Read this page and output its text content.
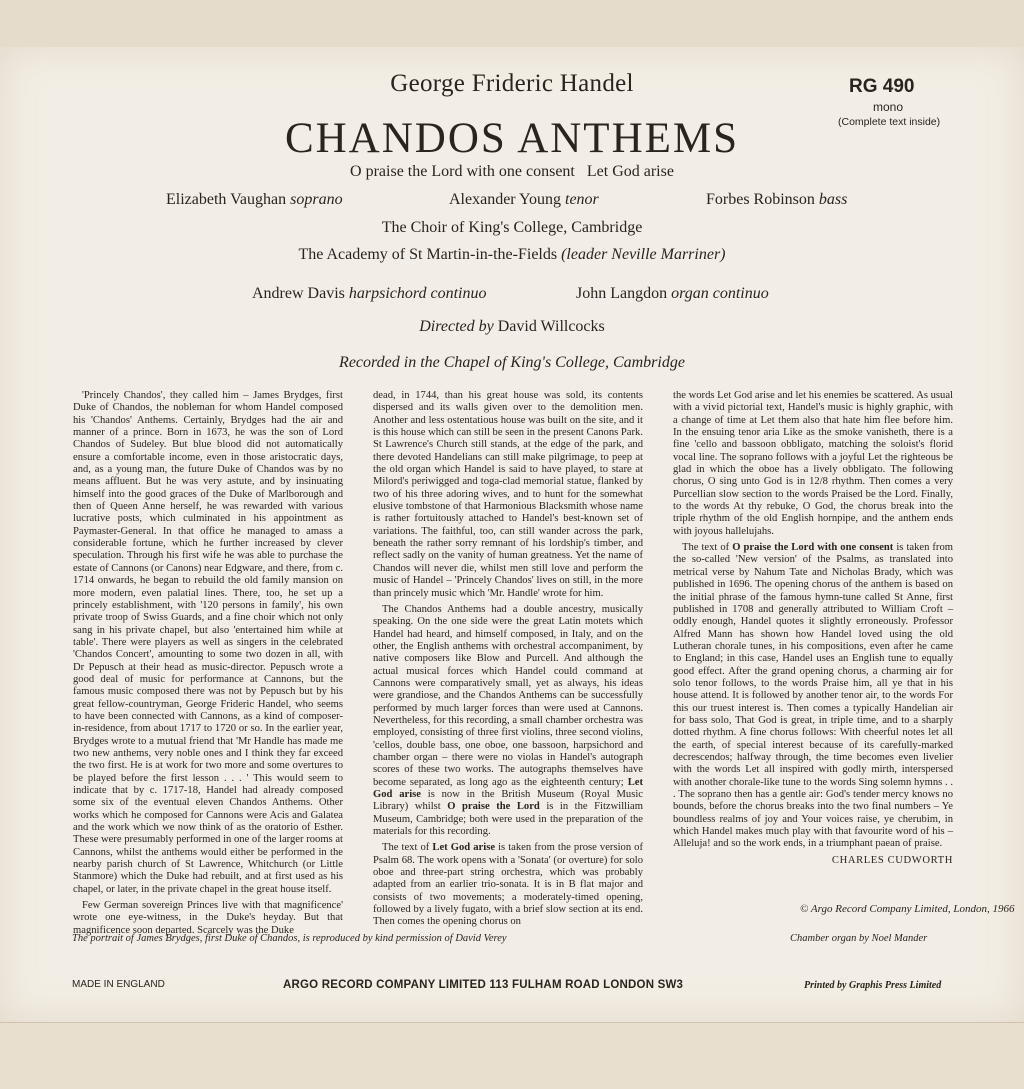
George Frideric Handel	RG 490
mono
(Complete text inside)
CHANDOS ANTHEMS
O praise the Lord with one consent   Let God arise
Elizabeth Vaughan soprano	Alexander Young tenor	Forbes Robinson bass
The Choir of King's College, Cambridge
The Academy of St Martin-in-the-Fields (leader Neville Marriner)
Andrew Davis harpsichord continuo	John Langdon organ continuo
Directed by David Willcocks
Recorded in the Chapel of King's College, Cambridge

'Princely Chandos', they called him – James Brydges, first Duke of Chandos, the nobleman for whom Handel composed his 'Chandos' Anthems. Certainly, Brydges had the air and manner of a prince. Born in 1673, he was the son of Lord Chandos of Sudeley. But blue blood did not automatically ensure a comfortable income, even in those aristocratic days, and, as a young man, the future Duke of Chandos was by no means affluent. But he was very astute, and by insinuating himself into the good graces of the Duke of Marlborough and then of Queen Anne herself, he was rewarded with various lucrative posts, which culminated in his appointment as Paymaster-General. In that office he managed to amass a considerable fortune, which he further increased by clever speculation. Through his first wife he was able to purchase the estate of Cannons (or Canons) near Edgware, and there, from c. 1714 onwards, he began to rebuild the old family mansion on more modern, even palatial lines. There, too, he set up a princely establishment, with '120 persons in family', his own private troop of Swiss Guards, and a fine choir which not only sang in his private chapel, but also 'entertained him while at table'. There were players as well as singers in the celebrated 'Chandos Concert', amounting to some two dozen in all, with Dr Pepusch at their head as music-director. Pepusch wrote a good deal of music for performance at Cannons, but the famous music composed there was not by Pepusch but by his great fellow-countryman, George Frideric Handel, who seems to have been connected with Cannons, as a kind of composer-in-residence, from about 1717 to 1720 or so. In the earlier year, Brydges wrote to a mutual friend that 'Mr Handle has made me two new anthems, very noble ones and I think they far exceed the two first. He is at work for two more and some overtures to be played before the first lesson . . . ' This would seem to indicate that by c. 1717-18, Handel had already composed some six of the eventual eleven Chandos Anthems. Other works which he composed for Cannons were Acis and Galatea and the work which we now think of as the oratorio of Esther. These were presumably performed in one of the larger rooms at Cannons, whilst the anthems would either be performed in the nearby parish church of St Lawrence, Whitchurch (or Little Stanmore) which the Duke had rebuilt, and at first used as his chapel, or later, in the private chapel in the great house itself.

Few German sovereign Princes live with that magnificence' wrote one eye-witness, in the Duke's heyday. But that magnificence soon departed. Scarcely was the Duke

dead, in 1744, than his great house was sold, its contents dispersed and its walls given over to the demolition men. Another and less ostentatious house was built on the site, and it is this house which can still be seen in the present Canons Park. St Lawrence's Church still stands, at the edge of the park, and there devoted Handelians can still make pilgrimage, to peep at the old organ which Handel is said to have played, to stare at Milord's periwigged and toga-clad memorial statue, flanked by two of his three adoring wives, and to hunt for the somewhat elusive tombstone of that Harmonious Blacksmith whose name is rather fortuitously attached to Handel's best-known set of variations. The faithful, too, can still wander across the park, beneath the rather sorry remnant of his lordship's timber, and reflect sadly on the vanity of human greatness. Yet the name of Chandos will never die, whilst men still love and perform the music of Handel – 'Princely Chandos' lives on still, in the more than princely music which 'Mr. Handle' wrote for him.

The Chandos Anthems had a double ancestry, musically speaking. On the one side were the great Latin motets which Handel had heard, and himself composed, in Italy, and on the other, the English anthems with orchestral accompaniment, by native composers like Blow and Purcell. And although the actual musical forces which Handel could command at Cannons were comparatively small, yet as always, his ideas were grandiose, and the Chandos Anthems can be successfully performed by much larger forces than were used at Cannons. Nevertheless, for this recording, a small chamber orchestra was employed, consisting of three first violins, three second violins, 'cellos, double bass, one oboe, one bassoon, harpsichord and chamber organ – there were no violas in Handel's autograph scores of these two works. The autographs themselves have become separated, as long ago as the eighteenth century; Let God arise is now in the British Museum (Royal Music Library) whilst O praise the Lord is in the Fitzwilliam Museum, Cambridge; both were used in the preparation of the materials for this recording.

The text of Let God arise is taken from the prose version of Psalm 68. The work opens with a 'Sonata' (or overture) for solo oboe and three-part string orchestra, which was probably adapted from an earlier trio-sonata. It is in B flat major and consists of two movements; a moderately-timed opening, followed by a lively fugato, with a brief slow section at its end. Then comes the opening chorus on

the words Let God arise and let his enemies be scattered. As usual with a vivid pictorial text, Handel's music is highly graphic, with a change of time at Let them also that hate him flee before him. In the ensuing tenor aria Like as the smoke vanisheth, there is a fine 'cello and bassoon obbligato, matching the soloist's florid vocal line. The soprano follows with a joyful Let the righteous be glad in which the oboe has a lively obbligato. The following chorus, O sing unto God is in 12/8 rhythm. Then comes a very Purcellian slow section to the words Praised be the Lord. Finally, to the words At thy rebuke, O God, the chorus break into the triple rhythm of the old English hornpipe, and the anthem ends with joyous hallelujahs.

The text of O praise the Lord with one consent is taken from the so-called 'New version' of the Psalms, as translated into metrical verse by Nahum Tate and Nicholas Brady, which was published in 1696. The opening chorus of the anthem is based on the initial phrase of the famous hymn-tune called St Anne, first published in 1708 and generally attributed to William Croft – oddly enough, Handel quotes it slightly erroneously. Professor Alfred Mann has shown how Handel loved using the old Lutheran chorale tunes, in his compositions, even after he came to England; in this case, Handel uses an English tune to equally good effect. After the grand opening chorus, a charming air for solo tenor follows, to the words Praise him, all ye that in his house attend. It is followed by another tenor air, to the words For this our truest interest is. Then comes a typically Handelian air for bass solo, That God is great, in triple time, and to a sharply dotted rhythm. A fine chorus follows: With cheerful notes let all the earth, of special interest because of its carefully-marked decrescendos; halfway through, the time becomes even livelier with the words Let all inspired with godly mirth, interspersed with another chorale-like tune to the words Sing solemn hymns . . . The soprano then has a gentle air: God's tender mercy knows no bounds, before the chorus breaks into the two final numbers – Ye boundless realms of joy and Your voices raise, ye cherubim, in which Handel makes much play with that favourite word of his – Alleluja! and so the work ends, in a triumphant paean of praise.

CHARLES CUDWORTH
© Argo Record Company Limited, London, 1966
The portrait of James Brydges, first Duke of Chandos, is reproduced by kind permission of David Verey	Chamber organ by Noel Mander
MADE IN ENGLAND	ARGO RECORD COMPANY LIMITED 113 FULHAM ROAD LONDON SW3	Printed by Graphis Press Limited
